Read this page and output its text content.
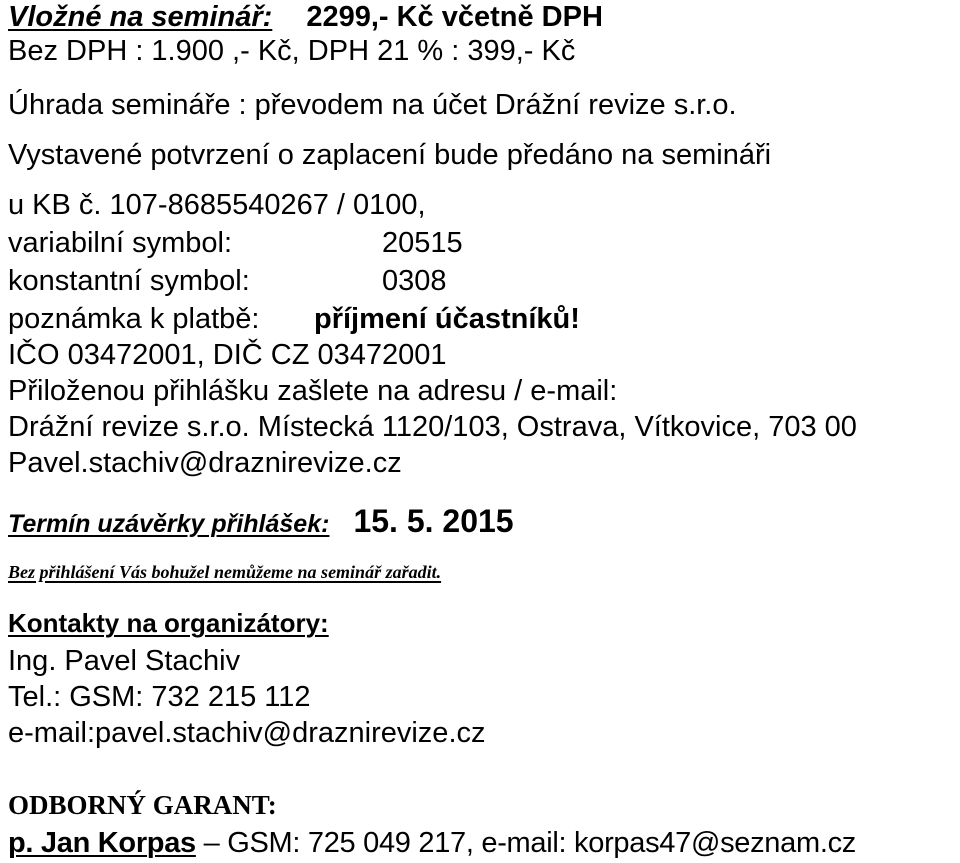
Vložné na seminář: 2299,- Kč včetně DPH
Bez DPH : 1.900 ,- Kč, DPH 21 % : 399,- Kč
Úhrada semináře : převodem na účet Drážní revize s.r.o.
Vystavené potvrzení o zaplacení bude předáno na semináři
u KB č. 107-8685540267 / 0100,
variabilní symbol:	20515
konstantní symbol:	0308
poznámka k platbě: příjmení účastníků!
IČO 03472001, DIČ CZ 03472001
Přiloženou přihlášku zašlete na adresu / e-mail:
Drážní revize s.r.o. Místecká 1120/103, Ostrava, Vítkovice, 703 00
Pavel.stachiv@draznirevize.cz
Termín uzávěrky přihlášek: 15. 5. 2015
Bez přihlášení Vás bohužel nemůžeme na seminář zařadit.
Kontakty na organizátory:
Ing. Pavel Stachiv
Tel.: GSM: 732 215 112
e-mail:pavel.stachiv@draznirevize.cz
ODBORNÝ GARANT:
p. Jan Korpas – GSM: 725 049 217, e-mail: korpas47@seznam.cz
